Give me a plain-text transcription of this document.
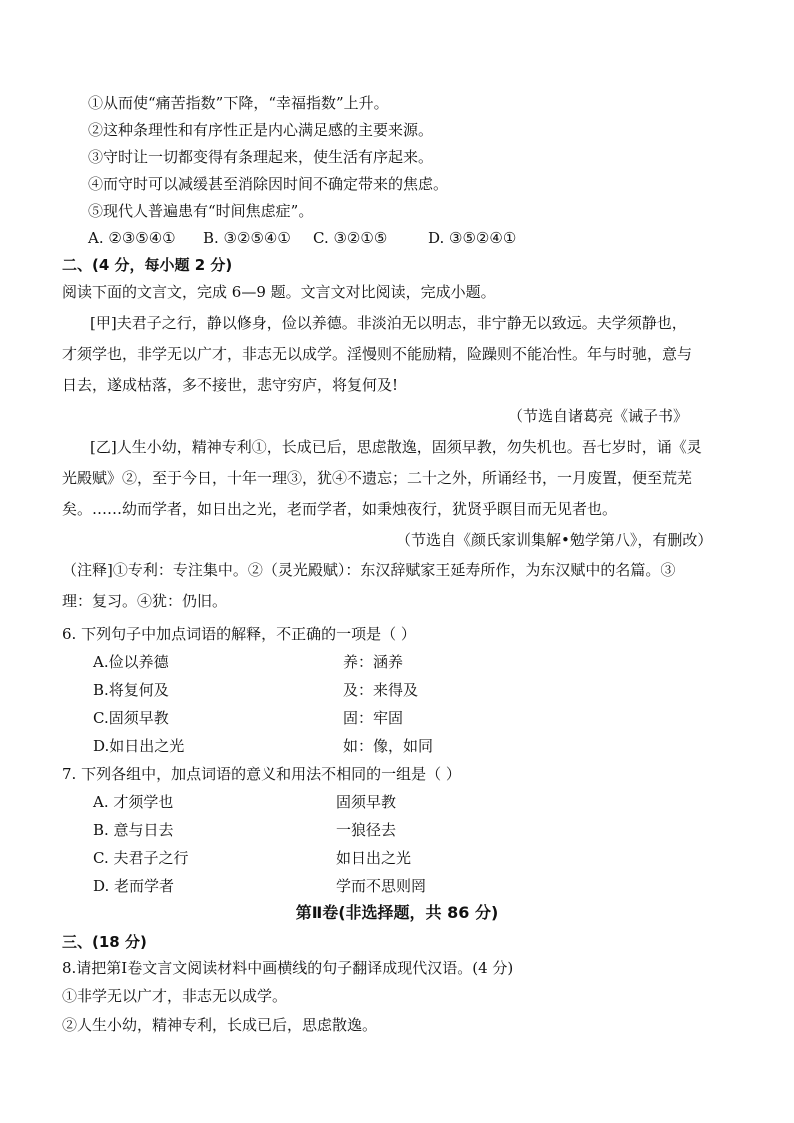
①从而使“痛苦指数”下降，“幸福指数”上升。
②这种条理性和有序性正是内心满足感的主要来源。
③守时让一切都变得有条理起来，使生活有序起来。
④而守时可以减缓甚至消除因时间不确定带来的焦虑。
⑤现代人普遍患有“时间焦虑症”。
A. ②③⑤④① B. ③②⑤④① C. ③②①⑤	D. ③⑤②④①
二、(4 分，每小题 2 分)
阅读下面的文言文，完成 6—9 题。文言文对比阅读，完成小题。
[甲]夫君子之行，静以修身，俭以养德。非淡泊无以明志，非宁静无以致远。夫学须静也，
才须学也，非学无以广才，非志无以成学。淫慢则不能励精，险躁则不能冶性。年与时驰，意与
日去，遂成枯落，多不接世，悲守穷庐，将复何及!
（节选自诸葛亮《诫子书》
[乙]人生小幼，精神专利①，长成已后，思虑散逸，固须早教，勿失机也。吾七岁时，诵《灵
光殿赋》②，至于今日，十年一理③，犹④不遗忘；二十之外，所诵经书，一月废置，便至荒芜
矣。……幼而学者，如日出之光，老而学者，如秉烛夜行，犹贤乎瞑目而无见者也。
（节选自《颜氏家训集解•勉学第八》，有删改）
（注释]①专利：专注集中。②（灵光殿赋）：东汉辞赋家王延寿所作，为东汉赋中的名篇。③
理：复习。④犹：仍旧。
6. 下列句子中加点词语的解释，不正确的一项是（ ）
A.俭以养德	养：涵养
B.将复何及	及：来得及
C.固须早教	固：牢固
D.如日出之光	如：像，如同
7. 下列各组中，加点词语的意义和用法不相同的一组是（ ）
A. 才须学也	固须早教
B. 意与日去	一狼径去
C. 夫君子之行	如日出之光
D. 老而学者	学而不思则罔
第Ⅱ卷(非选择题，共 86 分)
三、(18 分)
8.请把第Ⅰ卷文言文阅读材料中画横线的句子翻译成现代汉语。(4 分)
①非学无以广才，非志无以成学。
②人生小幼，精神专利，长成已后，思虑散逸。
